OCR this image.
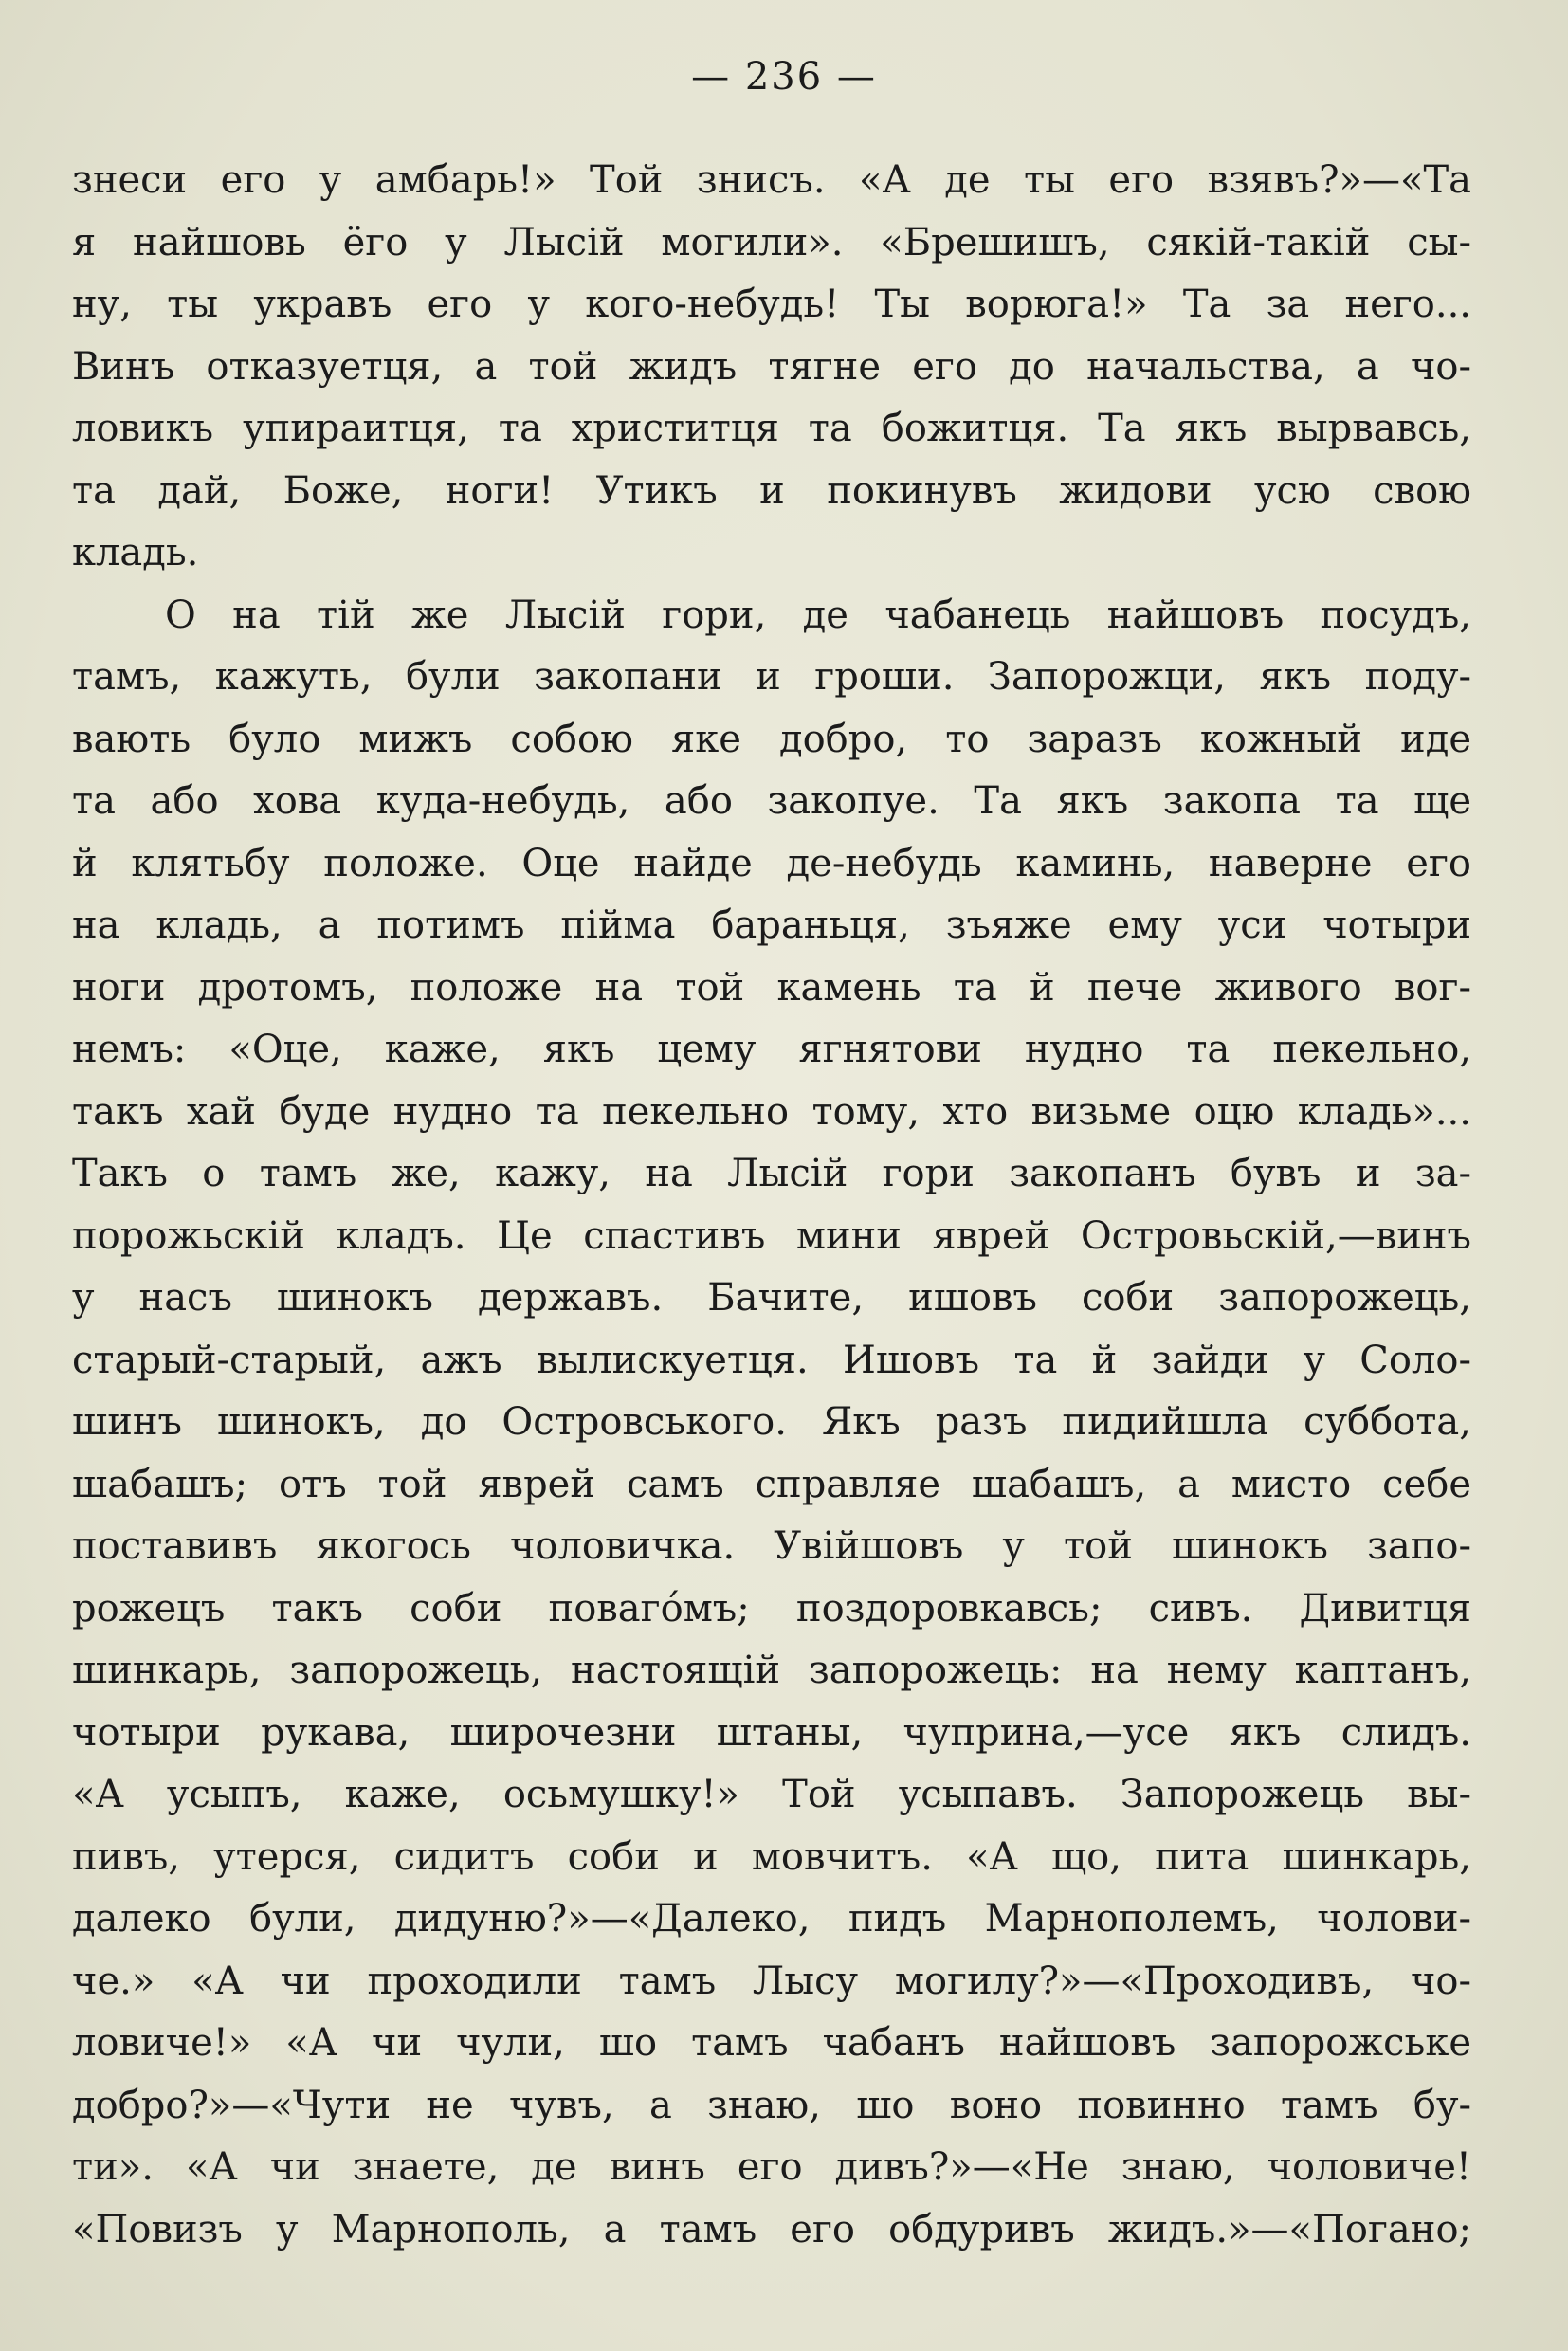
— 236 —
знеси его у амбарь!» Той зниcъ. «А де ты его взявъ?»—«Та
я найшовь ёго у Лысій могили». «Брешишъ, сякій-такій сы-
ну, ты укравъ его у кого-небудь! Ты ворюга!» Та за него...
Винъ отказуетця, а той жидъ тягне его до начальства, а чо-
ловикъ упираитця, та христитця та божитця. Та якъ вырвавсь,
та дай, Боже, ноги! Утикъ и покинувъ жидови усю свою
кладь.
О на тій же Лысій гори, де чабанець найшовъ посудъ,
тамъ, кажуть, були закопани и гроши. Запорожци, якъ поду-
вають було мижъ собою яке добро, то заразъ кожный иде
та або хова куда-небудь, або закопуе. Та якъ закопа та ще
й клятьбу положе. Оце найде де-небудь каминь, наверне его
на кладь, а потимъ пійма бараньця, зъяже ему уси чотыри
ноги дротомъ, положе на той камень та й пече живого вог-
немъ: «Оце, каже, якъ цему ягнятови нудно та пекельно,
такъ хай буде нудно та пекельно тому, хто визьме оцю кладь»...
Такъ о тамъ же, кажу, на Лысій гори закопанъ бувъ и за-
порожьскій кладъ. Це спастивъ мини яврей Островьскій,—винъ
у насъ шинокъ державъ. Бачите, ишовъ соби запорожець,
старый-старый, ажъ вылискуетця. Ишовъ та й зайди у Соло-
шинъ шинокъ, до Островського. Якъ разъ пидийшла суббота,
шабашъ; отъ той яврей самъ справляе шабашъ, а мисто себе
поставивъ якогось чоловичка. Увійшовъ у той шинокъ запо-
рожецъ такъ соби поваго́мъ; поздоровкавсь; сивъ. Дивитця
шинкарь, запорожець, настоящій запорожець: на нему каптанъ,
чотыри рукава, широчезни штаны, чуприна,—усе якъ слидъ.
«А усыпъ, каже, осьмушку!» Той усыпавъ. Запорожець вы-
пивъ, утерся, сидитъ соби и мовчитъ. «А що, пита шинкарь,
далеко були, дидуню?»—«Далеко, пидъ Марнополемъ, чолови-
че.» «А чи проходили тамъ Лысу могилу?»—«Проходивъ, чо-
ловиче!» «А чи чули, шо тамъ чабанъ найшовъ запорожське
добро?»—«Чути не чувъ, а знаю, шо воно повинно тамъ бу-
ти». «А чи знаете, де винъ его дивъ?»—«Не знаю, чоловиче!
«Повизъ у Марнополь, а тамъ его обдуривъ жидъ.»—«Погано;
